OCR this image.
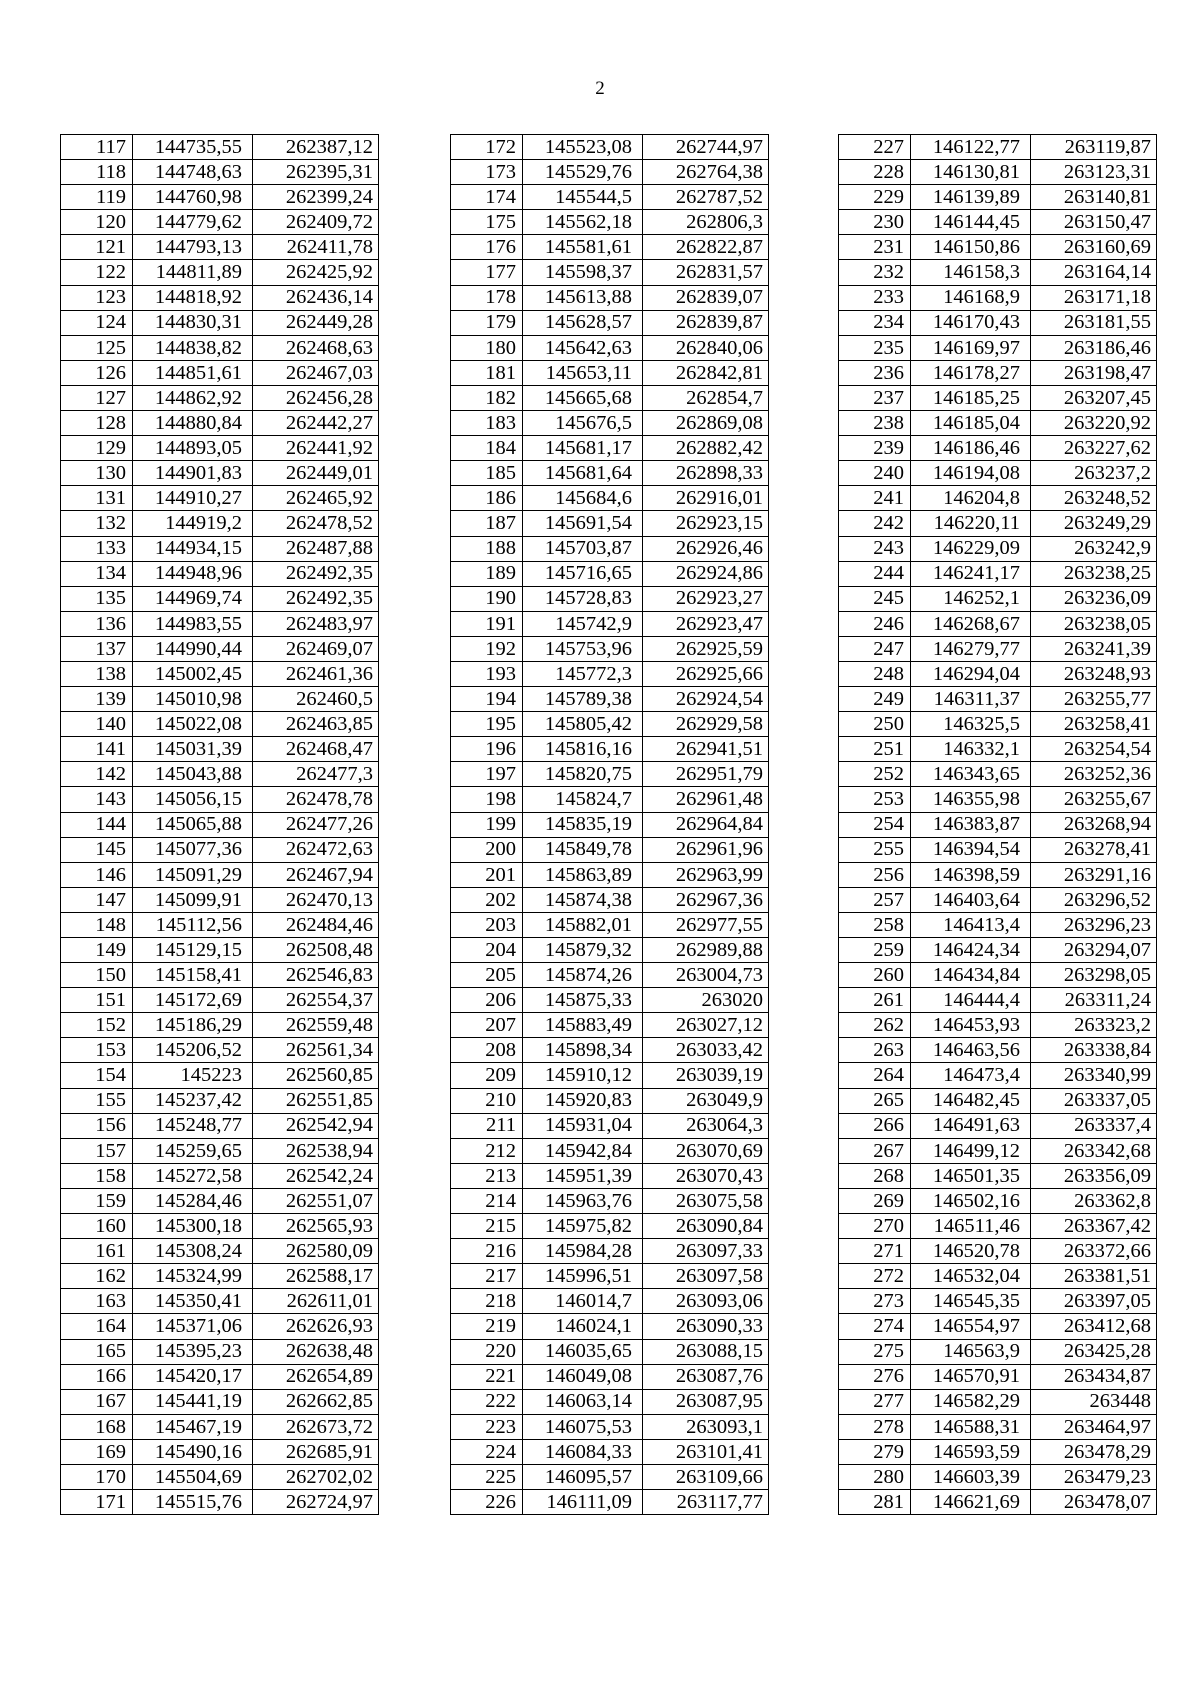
2
117	144735,55	262387,12
118	144748,63	262395,31
119	144760,98	262399,24
120	144779,62	262409,72
121	144793,13	262411,78
122	144811,89	262425,92
123	144818,92	262436,14
124	144830,31	262449,28
125	144838,82	262468,63
126	144851,61	262467,03
127	144862,92	262456,28
128	144880,84	262442,27
129	144893,05	262441,92
130	144901,83	262449,01
131	144910,27	262465,92
132	144919,2	262478,52
133	144934,15	262487,88
134	144948,96	262492,35
135	144969,74	262492,35
136	144983,55	262483,97
137	144990,44	262469,07
138	145002,45	262461,36
139	145010,98	262460,5
140	145022,08	262463,85
141	145031,39	262468,47
142	145043,88	262477,3
143	145056,15	262478,78
144	145065,88	262477,26
145	145077,36	262472,63
146	145091,29	262467,94
147	145099,91	262470,13
148	145112,56	262484,46
149	145129,15	262508,48
150	145158,41	262546,83
151	145172,69	262554,37
152	145186,29	262559,48
153	145206,52	262561,34
154	145223	262560,85
155	145237,42	262551,85
156	145248,77	262542,94
157	145259,65	262538,94
158	145272,58	262542,24
159	145284,46	262551,07
160	145300,18	262565,93
161	145308,24	262580,09
162	145324,99	262588,17
163	145350,41	262611,01
164	145371,06	262626,93
165	145395,23	262638,48
166	145420,17	262654,89
167	145441,19	262662,85
168	145467,19	262673,72
169	145490,16	262685,91
170	145504,69	262702,02
171	145515,76	262724,97
172	145523,08	262744,97
173	145529,76	262764,38
174	145544,5	262787,52
175	145562,18	262806,3
176	145581,61	262822,87
177	145598,37	262831,57
178	145613,88	262839,07
179	145628,57	262839,87
180	145642,63	262840,06
181	145653,11	262842,81
182	145665,68	262854,7
183	145676,5	262869,08
184	145681,17	262882,42
185	145681,64	262898,33
186	145684,6	262916,01
187	145691,54	262923,15
188	145703,87	262926,46
189	145716,65	262924,86
190	145728,83	262923,27
191	145742,9	262923,47
192	145753,96	262925,59
193	145772,3	262925,66
194	145789,38	262924,54
195	145805,42	262929,58
196	145816,16	262941,51
197	145820,75	262951,79
198	145824,7	262961,48
199	145835,19	262964,84
200	145849,78	262961,96
201	145863,89	262963,99
202	145874,38	262967,36
203	145882,01	262977,55
204	145879,32	262989,88
205	145874,26	263004,73
206	145875,33	263020
207	145883,49	263027,12
208	145898,34	263033,42
209	145910,12	263039,19
210	145920,83	263049,9
211	145931,04	263064,3
212	145942,84	263070,69
213	145951,39	263070,43
214	145963,76	263075,58
215	145975,82	263090,84
216	145984,28	263097,33
217	145996,51	263097,58
218	146014,7	263093,06
219	146024,1	263090,33
220	146035,65	263088,15
221	146049,08	263087,76
222	146063,14	263087,95
223	146075,53	263093,1
224	146084,33	263101,41
225	146095,57	263109,66
226	146111,09	263117,77
227	146122,77	263119,87
228	146130,81	263123,31
229	146139,89	263140,81
230	146144,45	263150,47
231	146150,86	263160,69
232	146158,3	263164,14
233	146168,9	263171,18
234	146170,43	263181,55
235	146169,97	263186,46
236	146178,27	263198,47
237	146185,25	263207,45
238	146185,04	263220,92
239	146186,46	263227,62
240	146194,08	263237,2
241	146204,8	263248,52
242	146220,11	263249,29
243	146229,09	263242,9
244	146241,17	263238,25
245	146252,1	263236,09
246	146268,67	263238,05
247	146279,77	263241,39
248	146294,04	263248,93
249	146311,37	263255,77
250	146325,5	263258,41
251	146332,1	263254,54
252	146343,65	263252,36
253	146355,98	263255,67
254	146383,87	263268,94
255	146394,54	263278,41
256	146398,59	263291,16
257	146403,64	263296,52
258	146413,4	263296,23
259	146424,34	263294,07
260	146434,84	263298,05
261	146444,4	263311,24
262	146453,93	263323,2
263	146463,56	263338,84
264	146473,4	263340,99
265	146482,45	263337,05
266	146491,63	263337,4
267	146499,12	263342,68
268	146501,35	263356,09
269	146502,16	263362,8
270	146511,46	263367,42
271	146520,78	263372,66
272	146532,04	263381,51
273	146545,35	263397,05
274	146554,97	263412,68
275	146563,9	263425,28
276	146570,91	263434,87
277	146582,29	263448
278	146588,31	263464,97
279	146593,59	263478,29
280	146603,39	263479,23
281	146621,69	263478,07
